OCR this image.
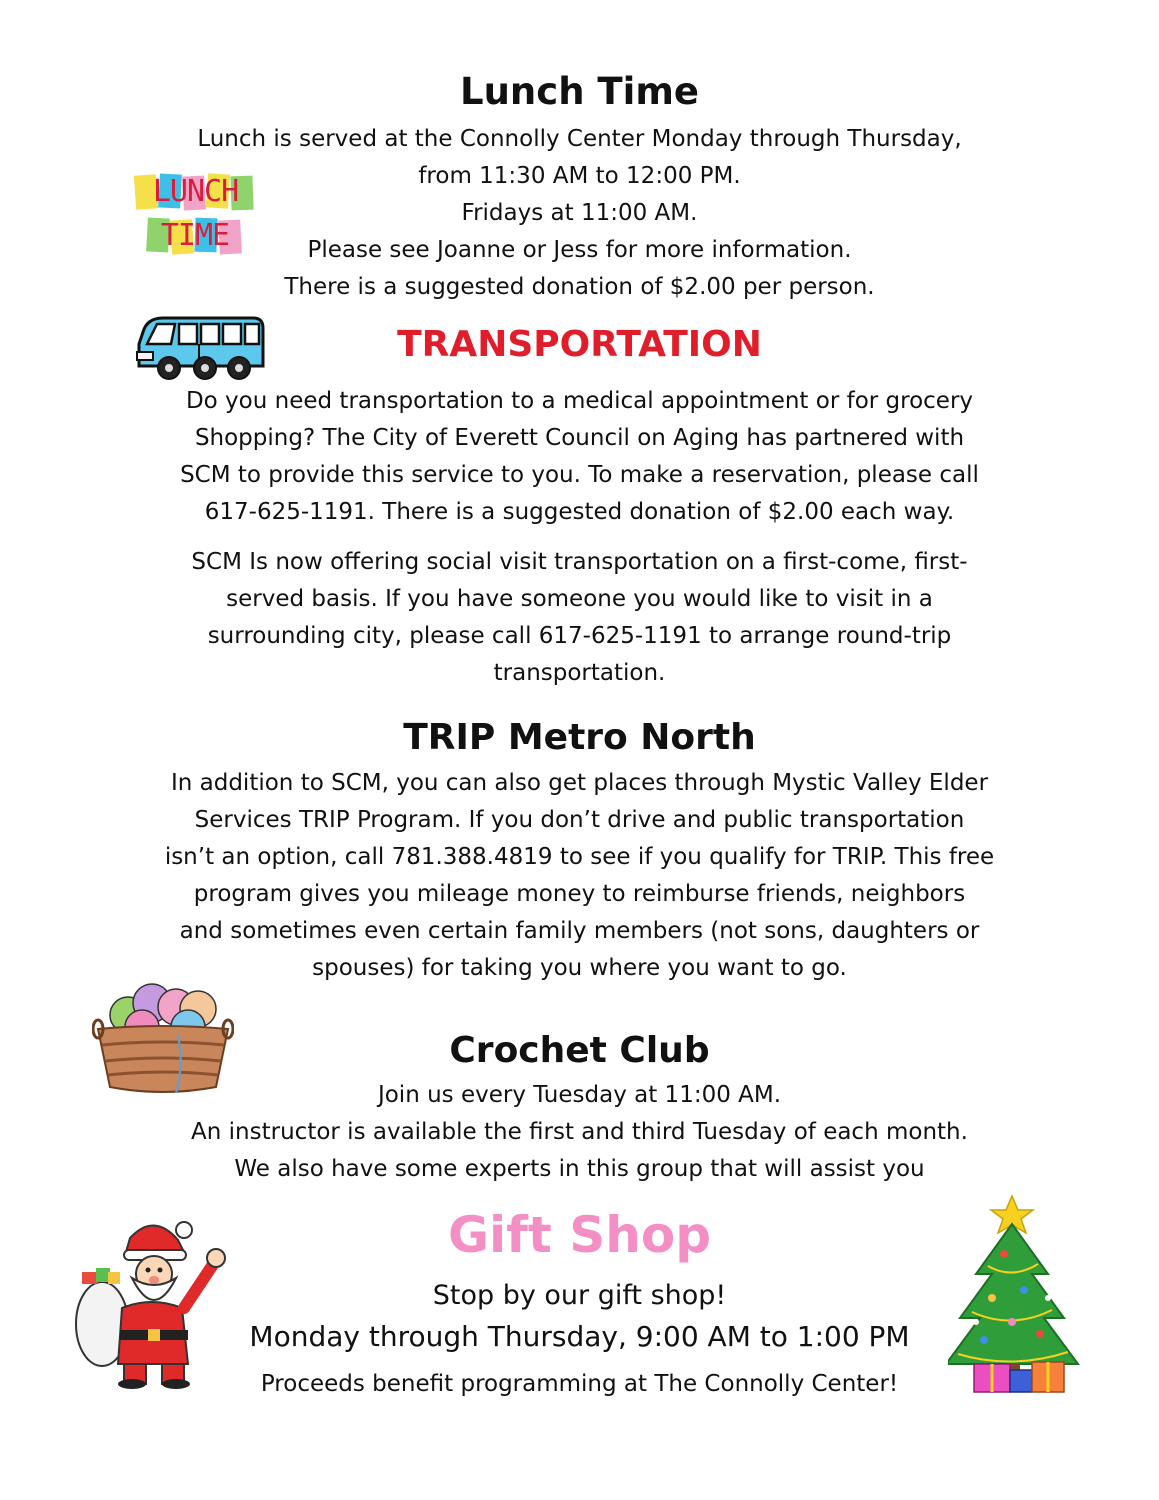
Lunch Time
Lunch is served at the Connolly Center Monday through Thursday,
from 11:30 AM to 12:00 PM.
Fridays at 11:00 AM.
Please see Joanne or Jess for more information.
There is a suggested donation of $2.00 per person.
LUNCH
TIME
TRANSPORTATION
Do you need transportation to a medical appointment or for grocery
Shopping? The City of Everett Council on Aging has partnered with
SCM to provide this service to you. To make a reservation, please call
617-625-1191. There is a suggested donation of $2.00 each way.
SCM Is now offering social visit transportation on a first-come, first-
served basis. If you have someone you would like to visit in a
surrounding city, please call 617-625-1191 to arrange round-trip
transportation.
TRIP Metro North
In addition to SCM, you can also get places through Mystic Valley Elder
Services TRIP Program. If you don’t drive and public transportation
isn’t an option, call 781.388.4819 to see if you qualify for TRIP. This free
program gives you mileage money to reimburse friends, neighbors
and sometimes even certain family members (not sons, daughters or
spouses) for taking you where you want to go.
Crochet Club
Join us every Tuesday at 11:00 AM.
An instructor is available the first and third Tuesday of each month.
We also have some experts in this group that will assist you
Gift Shop
Stop by our gift shop!
Monday through Thursday, 9:00 AM to 1:00 PM
Proceeds benefit programming at The Connolly Center!
